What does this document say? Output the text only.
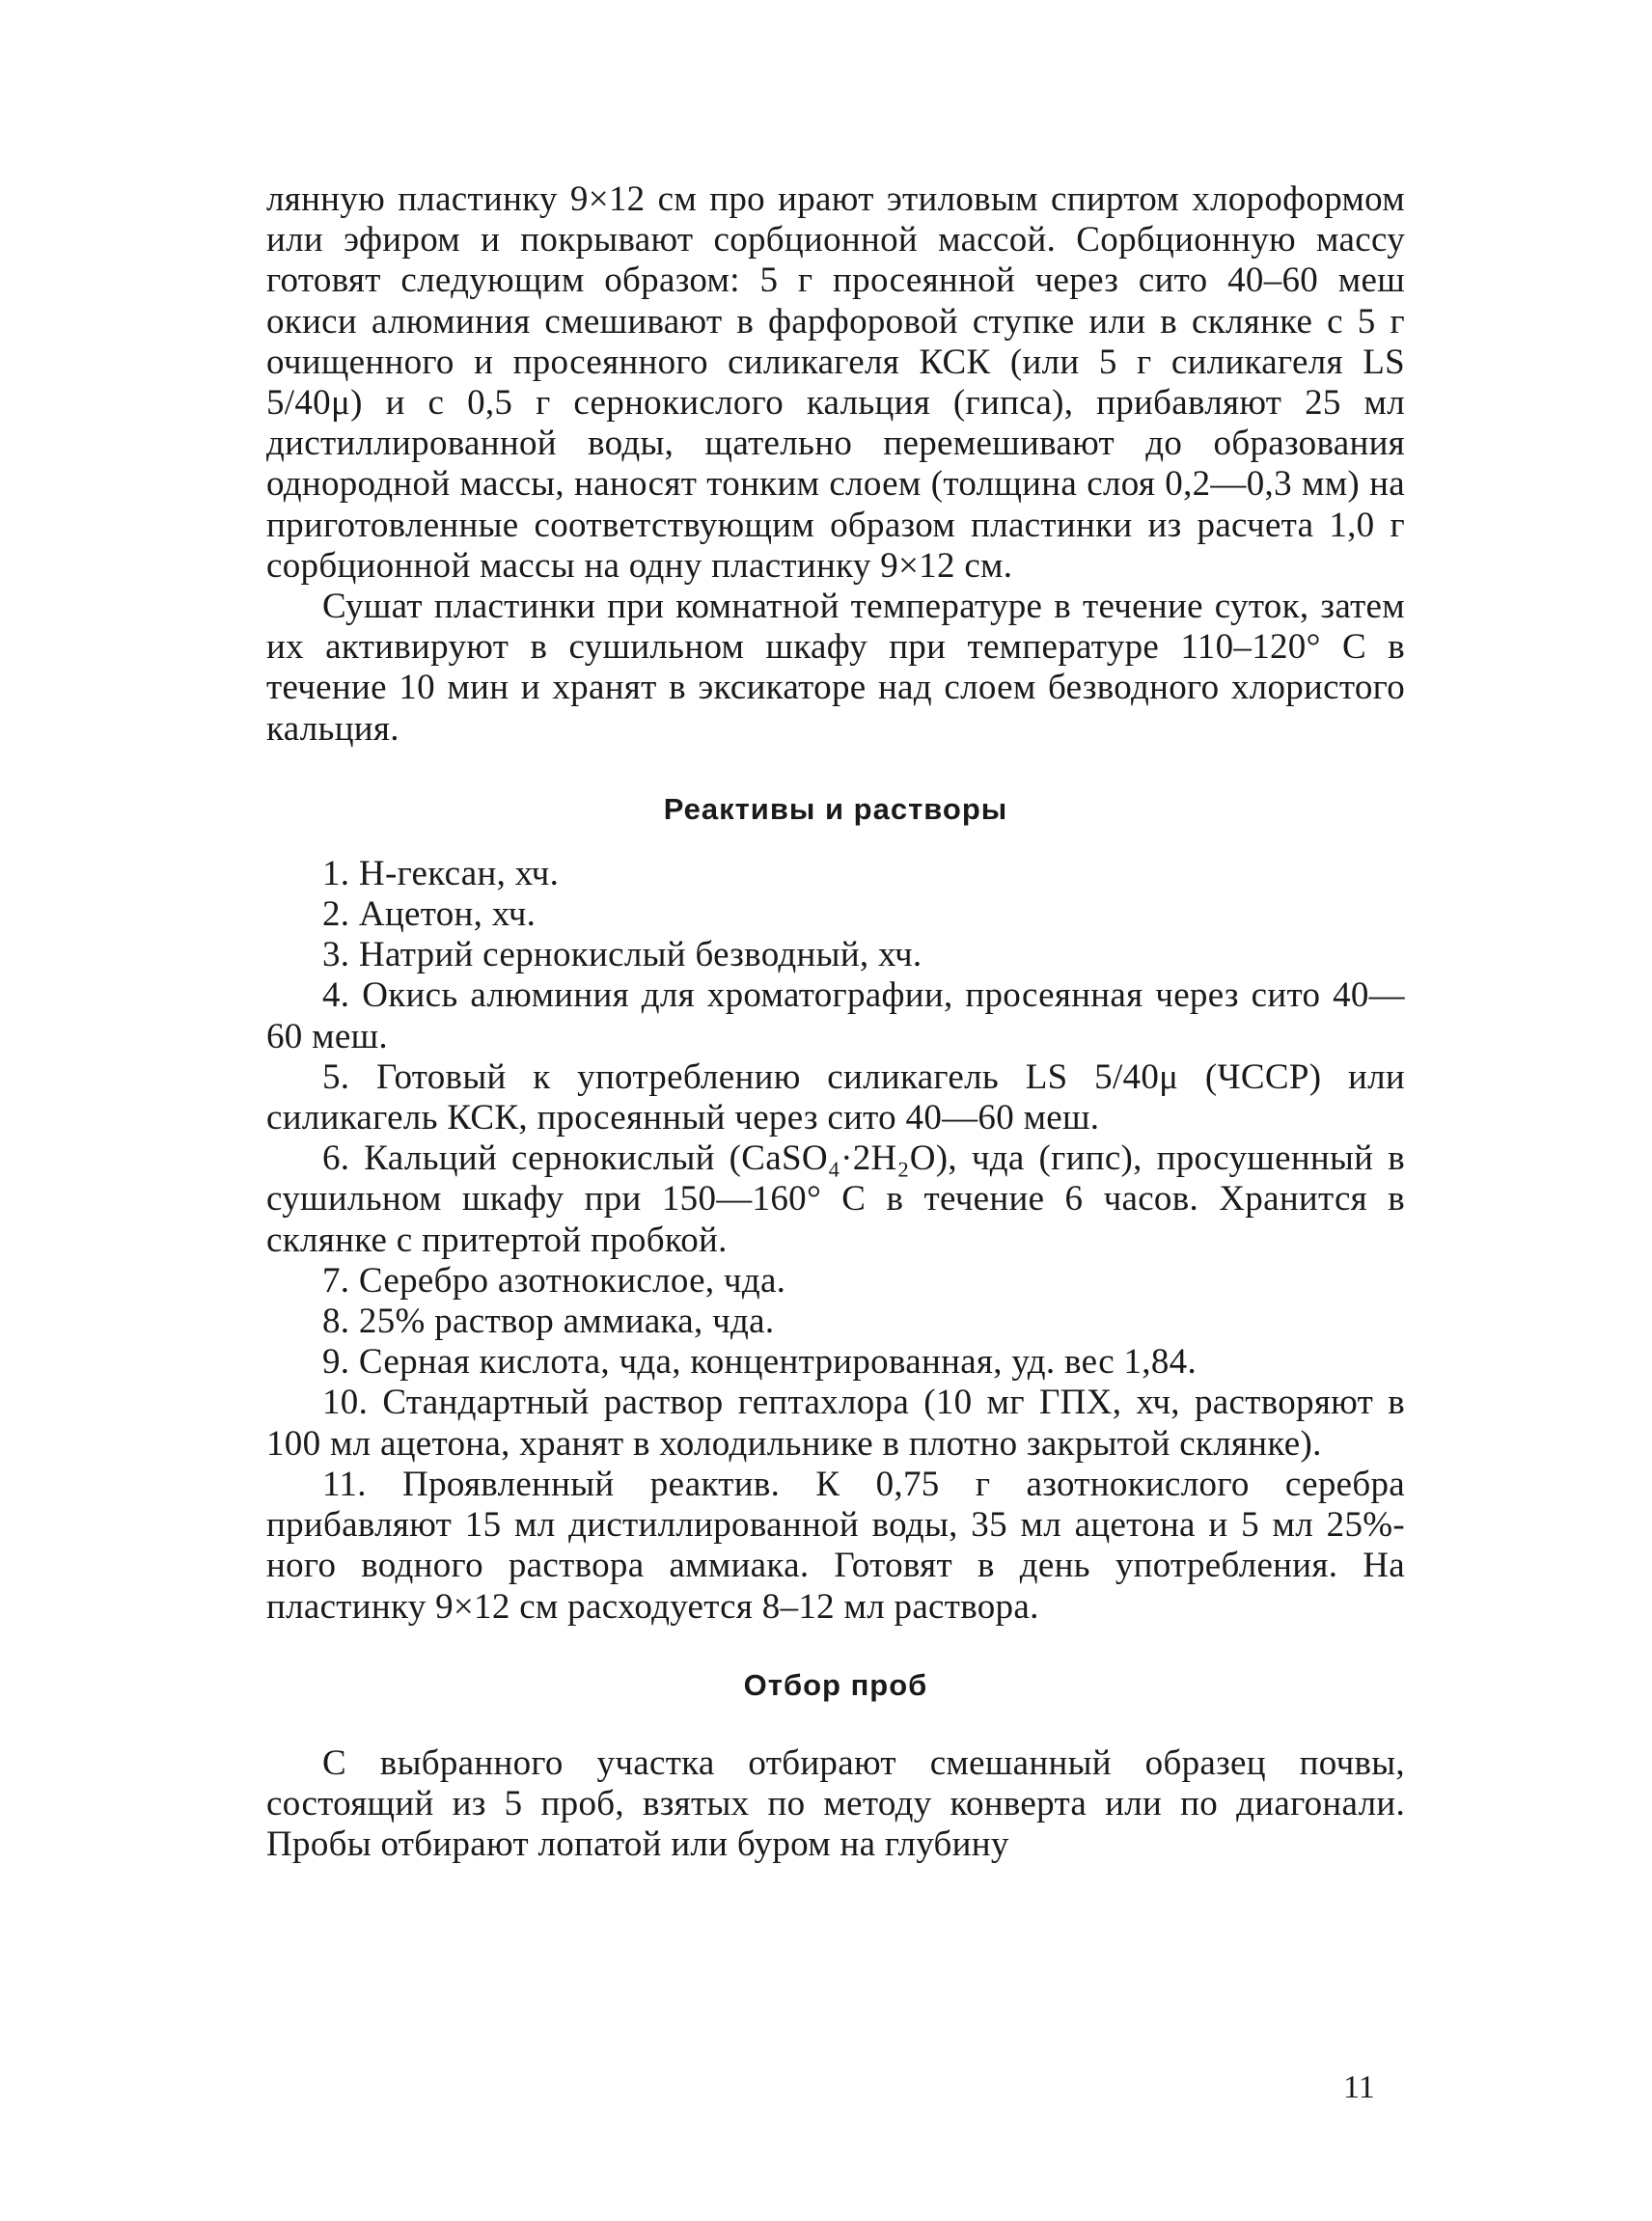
лянную пластинку 9×12 см про ирают этиловым спиртом хлороформом или эфиром и покрывают сорбционной массой. Сорбционную массу готовят следующим образом: 5 г просеянной через сито 40–60 меш окиси алюминия смешивают в фарфоровой ступке или в склянке с 5 г очищенного и просеянного силикагеля КСК (или 5 г силикагеля LS 5/40μ) и с 0,5 г сернокислого кальция (гипса), прибавляют 25 мл дистиллированной воды, щательно перемешивают до образования однородной массы, наносят тонким слоем (толщина слоя 0,2—0,3 мм) на приготовленные соответствующим образом пластинки из расчета 1,0 г сорбционной массы на одну пластинку 9×12 см.

Сушат пластинки при комнатной температуре в течение суток, затем их активируют в сушильном шкафу при температуре 110–120° С в течение 10 мин и хранят в эксикаторе над слоем безводного хлористого кальция.

Реактивы и растворы

1. Н-гексан, хч.

2. Ацетон, хч.

3. Натрий сернокислый безводный, хч.

4. Окись алюминия для хроматографии, просеянная через сито 40—60 меш.

5. Готовый к употреблению силикагель LS 5/40μ (ЧССР) или силикагель КСК, просеянный через сито 40—60 меш.

6. Кальций сернокислый (CaSO₄·2H₂O), чда (гипс), просушенный в сушильном шкафу при 150—160° С в течение 6 часов. Хранится в склянке с притертой пробкой.

7. Серебро азотнокислое, чда.

8. 25% раствор аммиака, чда.

9. Серная кислота, чда, концентрированная, уд. вес 1,84.

10. Стандартный раствор гептахлора (10 мг ГПХ, хч, растворяют в 100 мл ацетона, хранят в холодильнике в плотно закрытой склянке).

11. Проявленный реактив. К 0,75 г азотнокислого серебра прибавляют 15 мл дистиллированной воды, 35 мл ацетона и 5 мл 25%-ного водного раствора аммиака. Готовят в день употребления. На пластинку 9×12 см расходуется 8–12 мл раствора.

Отбор проб

С выбранного участка отбирают смешанный образец почвы, состоящий из 5 проб, взятых по методу конверта или по диагонали. Пробы отбирают лопатой или буром на глубину

11
